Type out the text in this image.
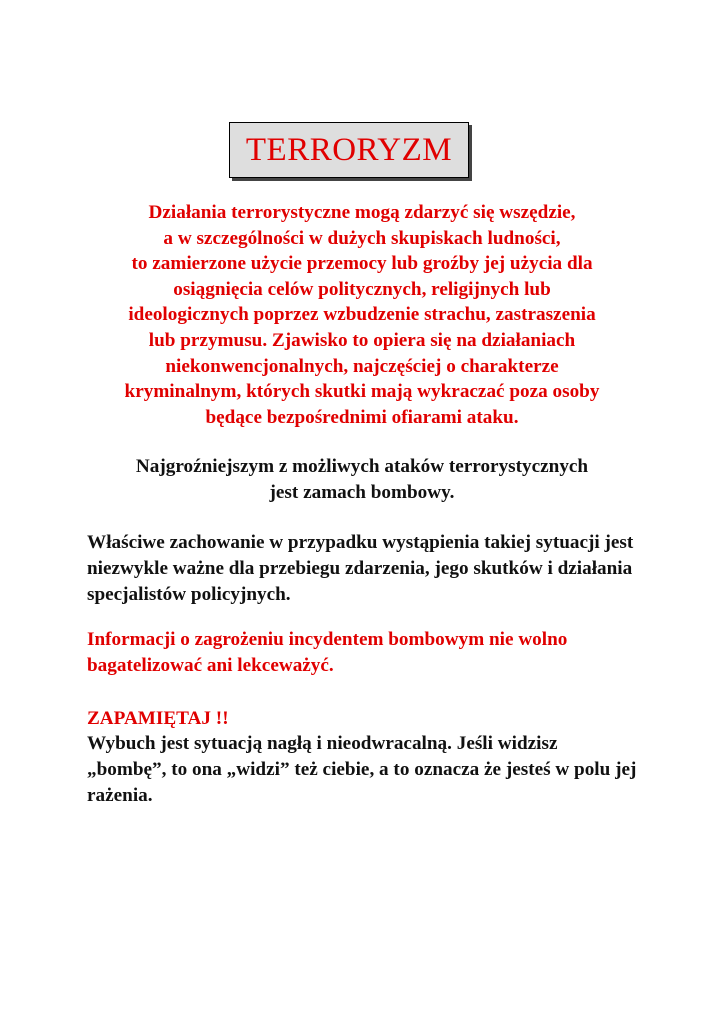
TERRORYZM

Działania terrorystyczne mogą zdarzyć się wszędzie,
a w szczególności w dużych skupiskach ludności,
to zamierzone użycie przemocy lub groźby jej użycia dla
osiągnięcia celów politycznych, religijnych lub
ideologicznych poprzez wzbudzenie strachu, zastraszenia
lub przymusu. Zjawisko to opiera się na działaniach
niekonwencjonalnych, najczęściej o charakterze
kryminalnym, których skutki mają wykraczać poza osoby
będące bezpośrednimi ofiarami ataku.

Najgroźniejszym z możliwych ataków terrorystycznych
jest zamach bombowy.

Właściwe zachowanie w przypadku wystąpienia takiej sytuacji jest niezwykle ważne dla przebiegu zdarzenia, jego skutków i działania specjalistów policyjnych.
Informacji o zagrożeniu incydentem bombowym nie wolno bagatelizować ani lekceważyć.

ZAPAMIĘTAJ !!

Wybuch jest sytuacją nagłą i nieodwracalną. Jeśli widzisz „bombę”, to ona „widzi” też ciebie, a to oznacza że jesteś w polu jej rażenia.
